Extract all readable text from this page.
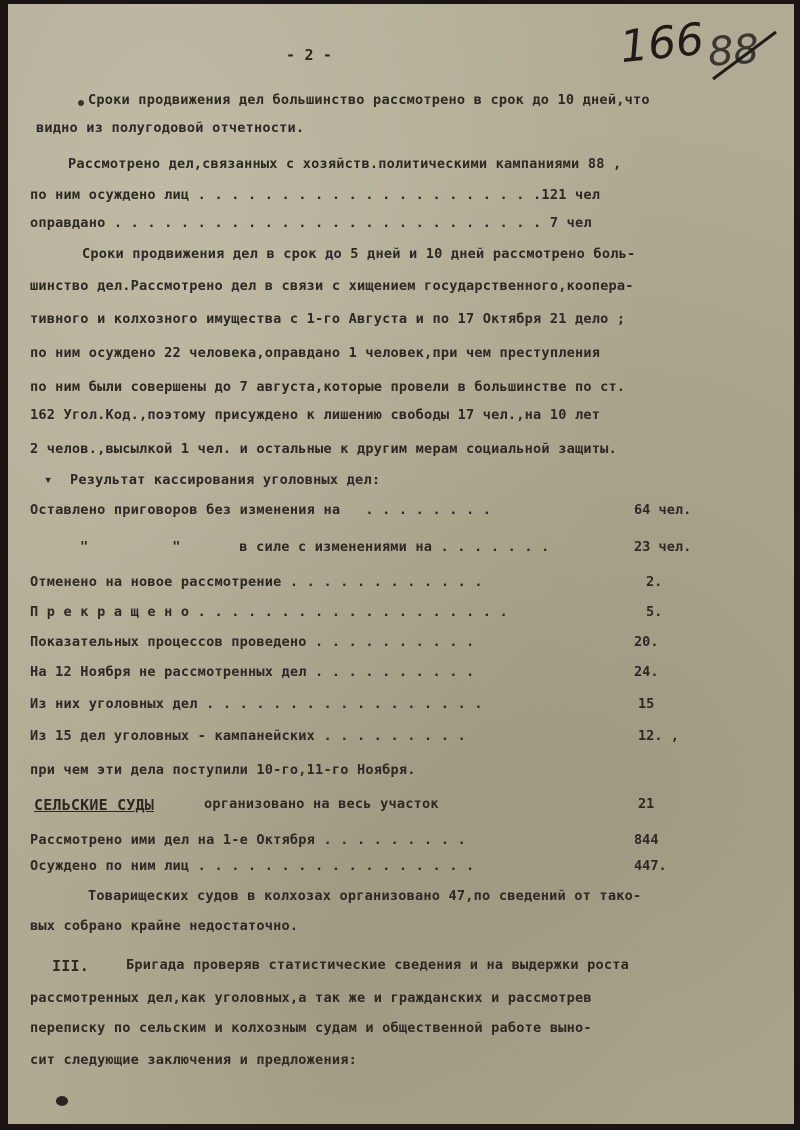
166 88
- 2 -
Сроки продвижения дел большинство рассмотрено в срок до 10 дней,что
видно из полугодовой отчетности.
Рассмотрено дел,связанных с хозяйств.политическими кампаниями 88 ,
по ним осуждено лиц . . . . . . . . . . . . . . . . . . . . .121 чел
оправдано . . . . . . . . . . . . . . . . . . . . . . . . . . 7 чел
Сроки продвижения дел в срок до 5 дней и 10 дней рассмотрено боль-
шинство дел.Рассмотрено дел в связи с хищением государственного,коопера-
тивного и колхозного имущества с 1-го Августа и по 17 Октября 21 дело ;
по ним осуждено 22 человека,оправдано 1 человек,при чем преступления
по ним были совершены до 7 августа,которые провели в большинстве по ст.
162 Угол.Код.,поэтому присуждено к лишению свободы 17 чел.,на 10 лет
2 челов.,высылкой 1 чел. и остальные к другим мерам социальной защиты.
▾ Результат кассирования уголовных дел:
Оставлено приговоров без изменения на   . . . . . . . .	64 чел.
"          "       в силе с изменениями на . . . . . . .	23 чел.
Отменено на новое рассмотрение . . . . . . . . . . . .	2.
П р е к р а щ е н о . . . . . . . . . . . . . . . . . . .	5.
Показательных процессов проведено . . . . . . . . . .	20.
На 12 Ноября не рассмотренных дел . . . . . . . . . .	24.
Из них уголовных дел . . . . . . . . . . . . . . . . .	15
Из 15 дел уголовных - кампанейских . . . . . . . . .	12. ,
при чем эти дела поступили 10-го,11-го Ноября.
СЕЛЬСКИЕ СУДЫ	организовано на весь участок	21
Рассмотрено ими дел на 1-е Октября . . . . . . . . .	844
Осуждено по ним лиц . . . . . . . . . . . . . . . . .	447.
Товарищеских судов в колхозах организовано 47,по сведений от тако-
вых собрано крайне недостаточно.
III.	Бригада проверяв статистические сведения и на выдержки роста
рассмотренных дел,как уголовных,а так же и гражданских и рассмотрев
переписку по сельским и колхозным судам и общественной работе выно-
сит следующие заключения и предложения:
